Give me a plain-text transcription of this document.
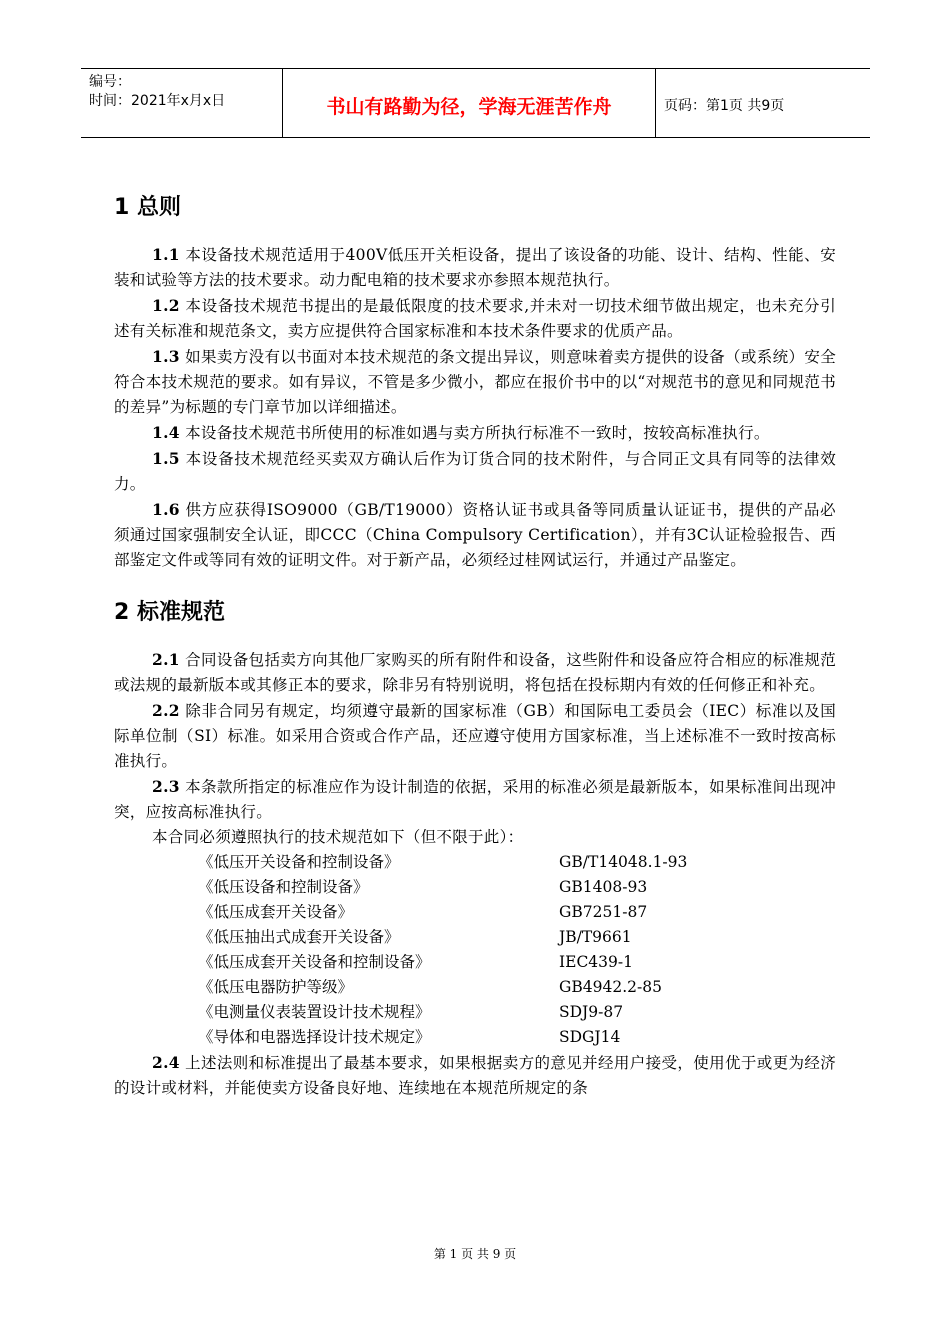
编号：
时间：2021年x月x日	书山有路勤为径，学海无涯苦作舟	页码：第1页 共9页
1 总则

1.1 本设备技术规范适用于400V低压开关柜设备，提出了该设备的功能、设计、结构、性能、安装和试验等方法的技术要求。动力配电箱的技术要求亦参照本规范执行。

1.2 本设备技术规范书提出的是最低限度的技术要求,并未对一切技术细节做出规定，也未充分引述有关标准和规范条文，卖方应提供符合国家标准和本技术条件要求的优质产品。

1.3 如果卖方没有以书面对本技术规范的条文提出异议，则意味着卖方提供的设备（或系统）安全符合本技术规范的要求。如有异议，不管是多少微小，都应在报价书中的以“对规范书的意见和同规范书的差异”为标题的专门章节加以详细描述。

1.4 本设备技术规范书所使用的标准如遇与卖方所执行标准不一致时，按较高标准执行。

1.5 本设备技术规范经买卖双方确认后作为订货合同的技术附件，与合同正文具有同等的法律效力。

1.6 供方应获得ISO9000（GB/T19000）资格认证书或具备等同质量认证证书，提供的产品必须通过国家强制安全认证，即CCC（China Compulsory Certification），并有3C认证检验报告、西部鉴定文件或等同有效的证明文件。对于新产品，必须经过桂网试运行，并通过产品鉴定。

2 标准规范

2.1 合同设备包括卖方向其他厂家购买的所有附件和设备，这些附件和设备应符合相应的标准规范或法规的最新版本或其修正本的要求，除非另有特别说明，将包括在投标期内有效的任何修正和补充。

2.2 除非合同另有规定，均须遵守最新的国家标准（GB）和国际电工委员会（IEC）标准以及国际单位制（SI）标准。如采用合资或合作产品，还应遵守使用方国家标准，当上述标准不一致时按高标准执行。

2.3 本条款所指定的标准应作为设计制造的依据，采用的标准必须是最新版本，如果标准间出现冲突，应按高标准执行。

本合同必须遵照执行的技术规范如下（但不限于此）：

《低压开关设备和控制设备》	GB/T14048.1-93
《低压设备和控制设备》	GB1408-93
《低压成套开关设备》	GB7251-87
《低压抽出式成套开关设备》	JB/T9661
《低压成套开关设备和控制设备》	IEC439-1
《低压电器防护等级》	GB4942.2-85
《电测量仪表装置设计技术规程》	SDJ9-87
《导体和电器选择设计技术规定》	SDGJ14

2.4 上述法则和标准提出了最基本要求，如果根据卖方的意见并经用户接受，使用优于或更为经济的设计或材料，并能使卖方设备良好地、连续地在本规范所规定的条

第 1 页 共 9 页
